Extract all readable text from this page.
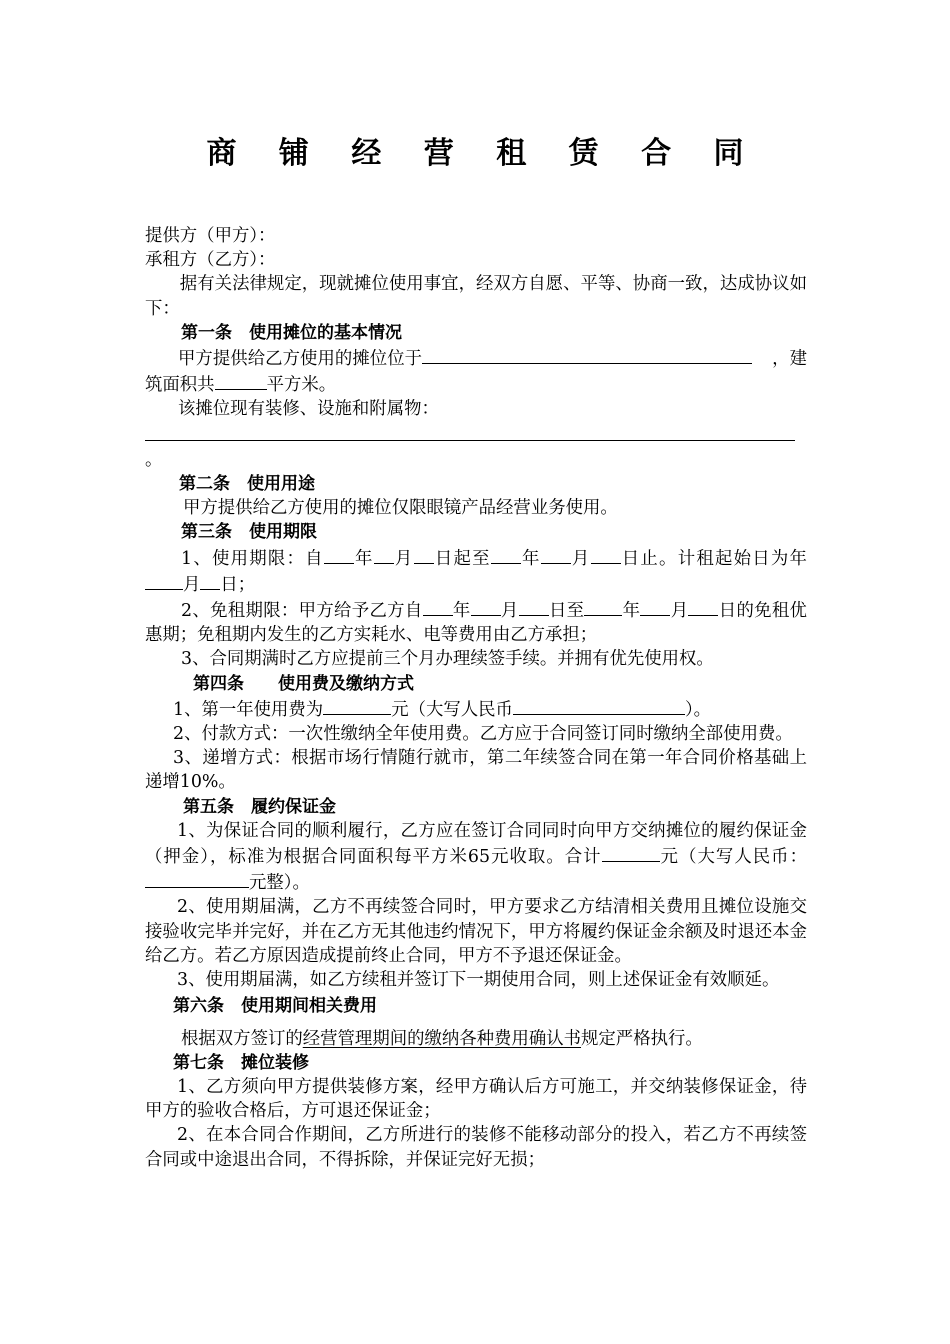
商 铺 经 营 租 赁 合 同

提供方（甲方）：

承租方（乙方）：

据有关法律规定，现就摊位使用事宜，经双方自愿、平等、协商一致，达成协议如下：

第一条　使用摊位的基本情况

甲方提供给乙方使用的摊位位于	，建筑面积共	平方米。

该摊位现有装修、设施和附属物：

。

第二条　使用用途

甲方提供给乙方使用的摊位仅限眼镜产品经营业务使用。

第三条　使用期限

1、使用期限：自 年 月 日起至 年 月 日止。计租起始日为年月 日；

2、免租期限：甲方给予乙方自 年 月 日至 年 月 日的免租优惠期；免租期内发生的乙方实耗水、电等费用由乙方承担；

3、合同期满时乙方应提前三个月办理续签手续。并拥有优先使用权。

第四条　　使用费及缴纳方式

1、第一年使用费为	元（大写人民币	）。

2、付款方式：一次性缴纳全年使用费。乙方应于合同签订同时缴纳全部使用费。

3、递增方式：根据市场行情随行就市，第二年续签合同在第一年合同价格基础上递增10%。

第五条　履约保证金

1、为保证合同的顺利履行，乙方应在签订合同同时向甲方交纳摊位的履约保证金（押金），标准为根据合同面积每平方米65元收取。合计	元（大写人民币：元整）。

2、使用期届满，乙方不再续签合同时，甲方要求乙方结清相关费用且摊位设施交接验收完毕并完好，并在乙方无其他违约情况下，甲方将履约保证金余额及时退还本金给乙方。若乙方原因造成提前终止合同，甲方不予退还保证金。

3、使用期届满，如乙方续租并签订下一期使用合同，则上述保证金有效顺延。

第六条　使用期间相关费用

根据双方签订的经营管理期间的缴纳各种费用确认书规定严格执行。

第七条　摊位装修

1、乙方须向甲方提供装修方案，经甲方确认后方可施工，并交纳装修保证金，待甲方的验收合格后，方可退还保证金；

2、在本合同合作期间，乙方所进行的装修不能移动部分的投入，若乙方不再续签合同或中途退出合同，不得拆除，并保证完好无损；
